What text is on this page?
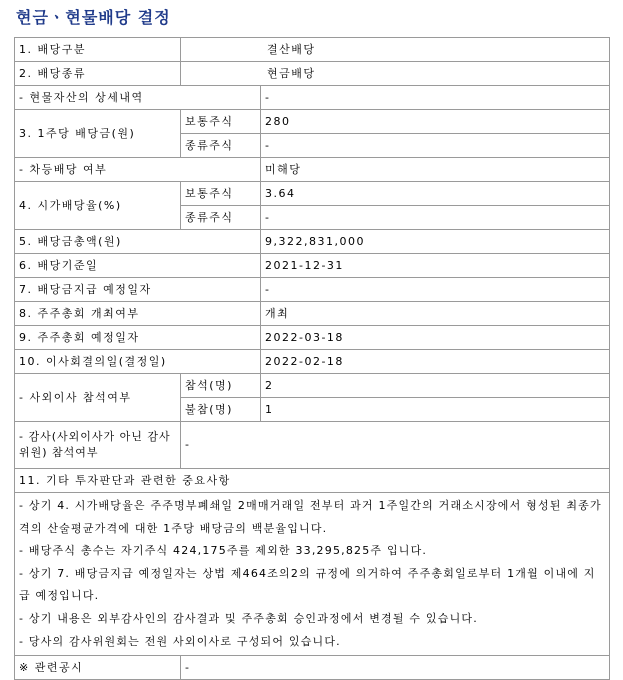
현금ㆍ현물배당 결정
1. 배당구분	결산배당	
2. 배당종류	현금배당	
- 현물자산의 상세내역		-
3. 1주당 배당금(원)	보통주식	280
	종류주식	-
- 차등배당 여부		미해당
4. 시가배당율(%)	보통주식	3.64
	종류주식	-
5. 배당금총액(원)		9,322,831,000
6. 배당기준일		2021-12-31
7. 배당금지급 예정일자		-
8. 주주총회 개최여부		개최
9. 주주총회 예정일자		2022-03-18
10. 이사회결의일(결정일)		2022-02-18
- 사외이사 참석여부	참석(명)	2
	불참(명)	1
- 감사(사외이사가 아닌 감사위원) 참석여부	-	
11. 기타 투자판단과 관련한 중요사항		

- 상기 4. 시가배당율은 주주명부폐쇄일 2매매거래일 전부터 과거 1주일간의 거래소시장에서 형성된 최종가격의 산술평균가격에 대한 1주당 배당금의 백분율입니다.
- 배당주식 총수는 자기주식 424,175주를 제외한 33,295,825주 입니다.
- 상기 7. 배당금지급 예정일자는 상법 제464조의2의 규정에 의거하여 주주총회일로부터 1개월 이내에 지급 예정입니다.
- 상기 내용은 외부감사인의 감사결과 및 주주총회 승인과정에서 변경될 수 있습니다.
- 당사의 감사위원회는 전원 사외이사로 구성되어 있습니다.		

※ 관련공시	-	
